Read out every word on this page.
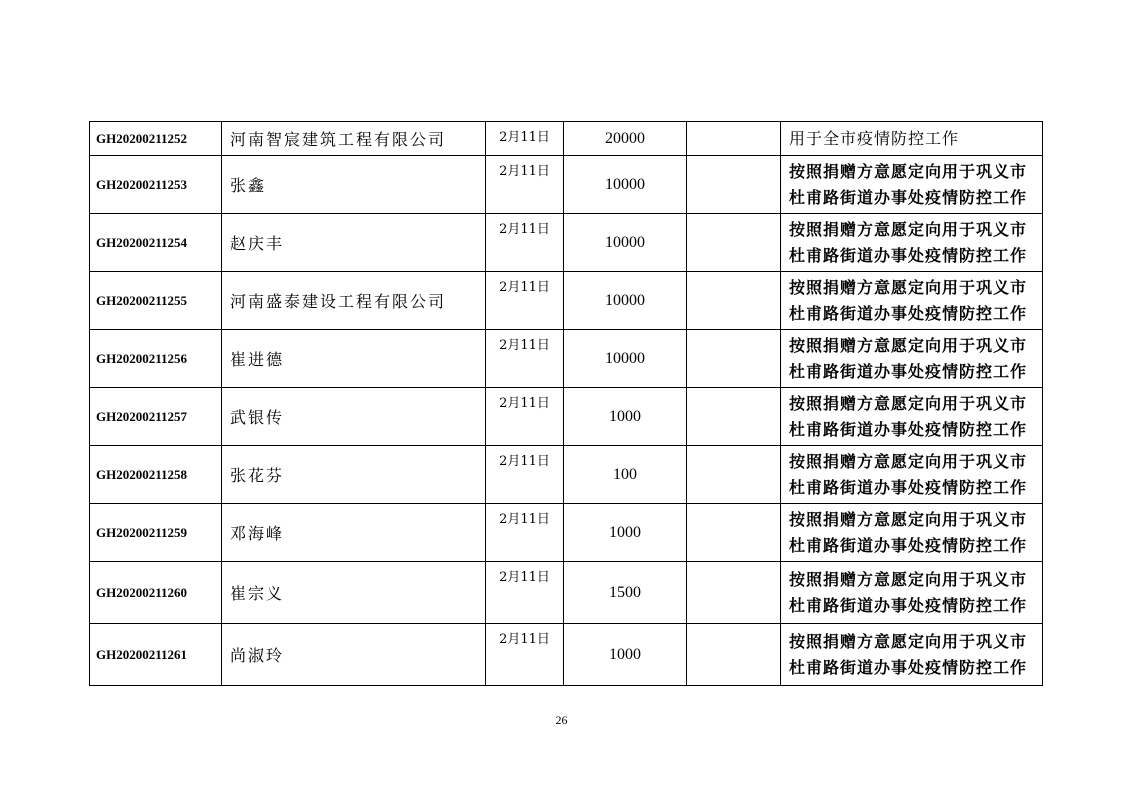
GH20200211252	河南智宸建筑工程有限公司	2月11日	20000		用于全市疫情防控工作
GH20200211253	张鑫	2月11日	10000		按照捐赠方意愿定向用于巩义市
杜甫路街道办事处疫情防控工作

GH20200211254	赵庆丰	2月11日	10000		按照捐赠方意愿定向用于巩义市
杜甫路街道办事处疫情防控工作

GH20200211255	河南盛泰建设工程有限公司	2月11日	10000		按照捐赠方意愿定向用于巩义市
杜甫路街道办事处疫情防控工作

GH20200211256	崔进德	2月11日	10000		按照捐赠方意愿定向用于巩义市
杜甫路街道办事处疫情防控工作

GH20200211257	武银传	2月11日	1000		按照捐赠方意愿定向用于巩义市
杜甫路街道办事处疫情防控工作

GH20200211258	张花芬	2月11日	100		按照捐赠方意愿定向用于巩义市
杜甫路街道办事处疫情防控工作

GH20200211259	邓海峰	2月11日	1000		按照捐赠方意愿定向用于巩义市
杜甫路街道办事处疫情防控工作

GH20200211260	崔宗义	2月11日	1500		按照捐赠方意愿定向用于巩义市
杜甫路街道办事处疫情防控工作

GH20200211261	尚淑玲	2月11日	1000		按照捐赠方意愿定向用于巩义市
杜甫路街道办事处疫情防控工作
26
